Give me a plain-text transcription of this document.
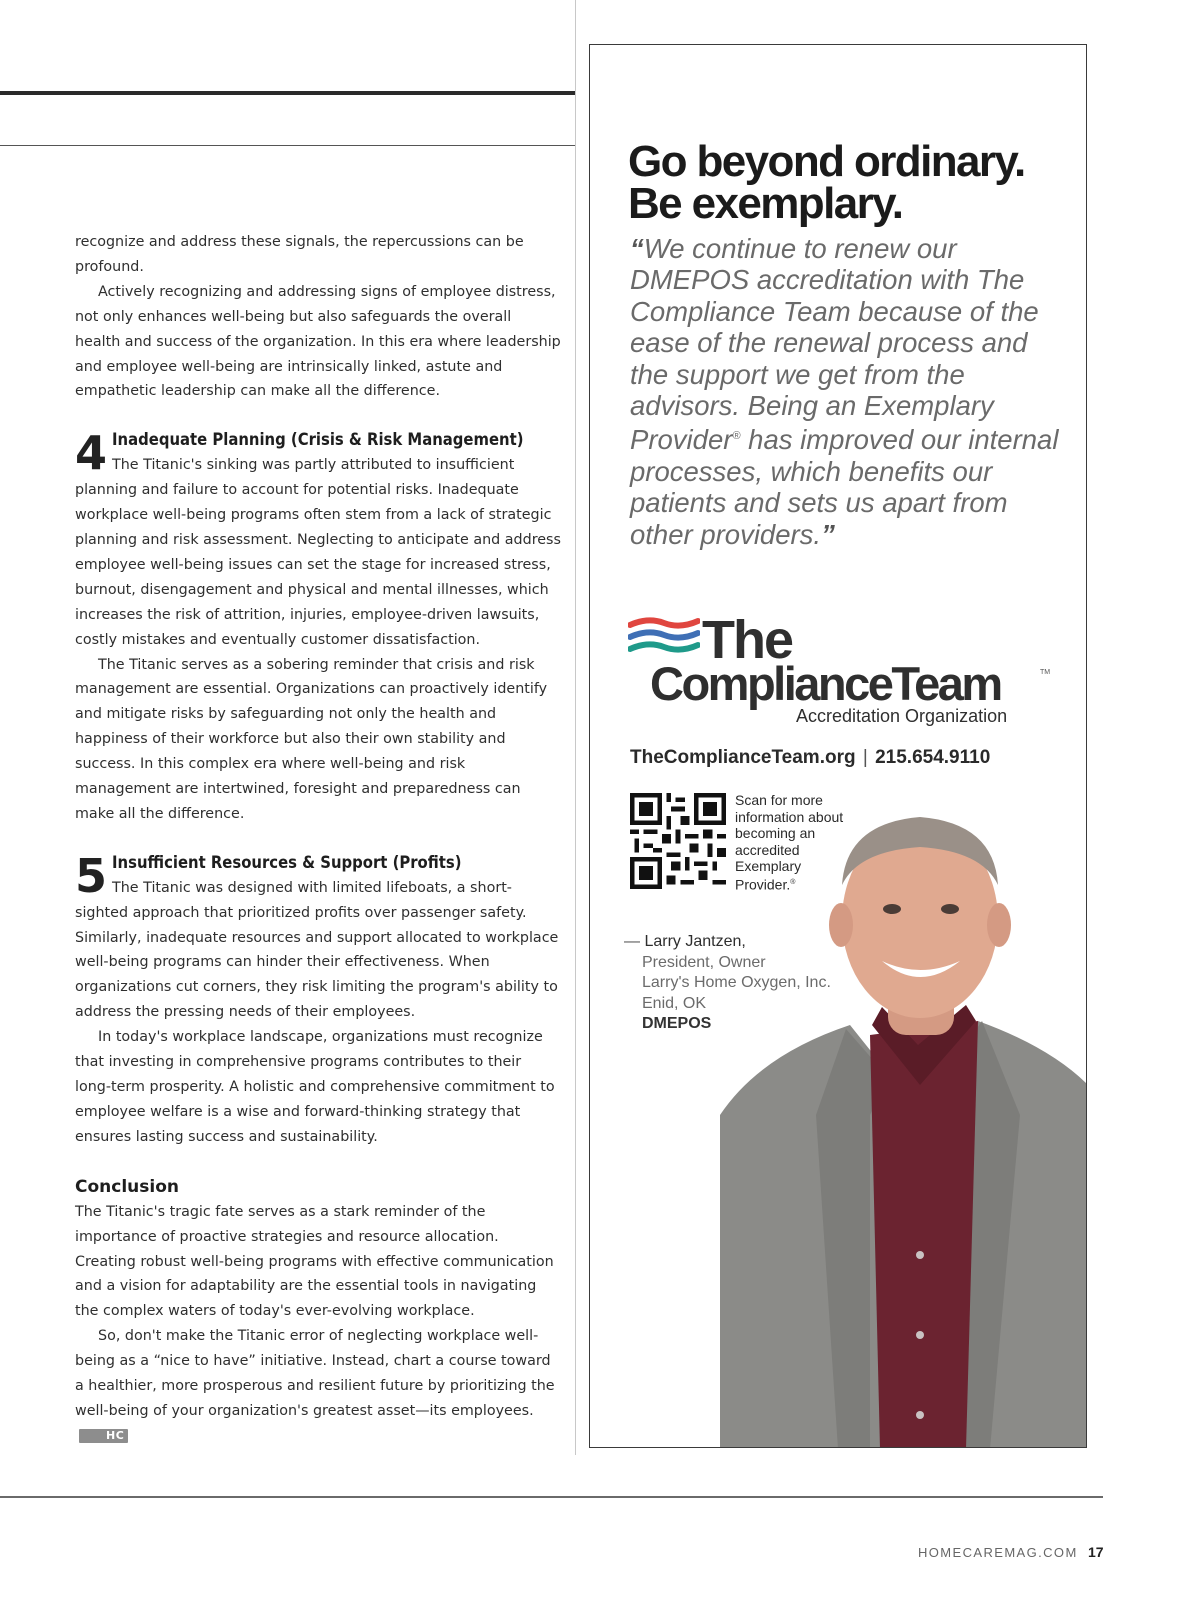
recognize and address these signals, the repercussions can be profound.

Actively recognizing and addressing signs of employee distress, not only enhances well-being but also safeguards the overall health and success of the organization. In this era where leadership and employee well-being are intrinsically linked, astute and empathetic leadership can make all the difference.

4 Inadequate Planning (Crisis & Risk Management)

The Titanic's sinking was partly attributed to insufficient planning and failure to account for potential risks. Inadequate workplace well-being programs often stem from a lack of strategic planning and risk assessment. Neglecting to anticipate and address employee well-being issues can set the stage for increased stress, burnout, disengagement and physical and mental illnesses, which increases the risk of attrition, injuries, employee-driven lawsuits, costly mistakes and eventually customer dissatisfaction.

The Titanic serves as a sobering reminder that crisis and risk management are essential. Organizations can proactively identify and mitigate risks by safeguarding not only the health and happiness of their workforce but also their own stability and success. In this complex era where well-being and risk management are intertwined, foresight and preparedness can make all the difference.

5 Insufficient Resources & Support (Profits)

The Titanic was designed with limited lifeboats, a short-sighted approach that prioritized profits over passenger safety. Similarly, inadequate resources and support allocated to workplace well-being programs can hinder their effectiveness. When organizations cut corners, they risk limiting the program's ability to address the pressing needs of their employees.

In today's workplace landscape, organizations must recognize that investing in comprehensive programs contributes to their long-term prosperity. A holistic and comprehensive commitment to employee welfare is a wise and forward-thinking strategy that ensures lasting success and sustainability.

Conclusion

The Titanic's tragic fate serves as a stark reminder of the importance of proactive strategies and resource allocation. Creating robust well-being programs with effective communication and a vision for adaptability are the essential tools in navigating the complex waters of today's ever-evolving workplace.

So, don't make the Titanic error of neglecting workplace well-being as a “nice to have” initiative. Instead, chart a course toward a healthier, more prosperous and resilient future by prioritizing the well-being of your organization's greatest asset—its employees.HC

Go beyond ordinary.
Be exemplary.

“We continue to renew our DMEPOS accreditation with The Compliance Team because of the ease of the renewal process and the support we get from the advisors. Being an Exemplary Provider® has improved our internal processes, which benefits our patients and sets us apart from other providers.”

The

ComplianceTeam	TM

Accreditation Organization

TheComplianceTeam.org | 215.654.9110

Scan for more information about becoming an accredited Exemplary Provider.®

— Larry Jantzen,
President, Owner
Larry's Home Oxygen, Inc.
Enid, OK
DMEPOS

HOMECAREMAG.COM 17
